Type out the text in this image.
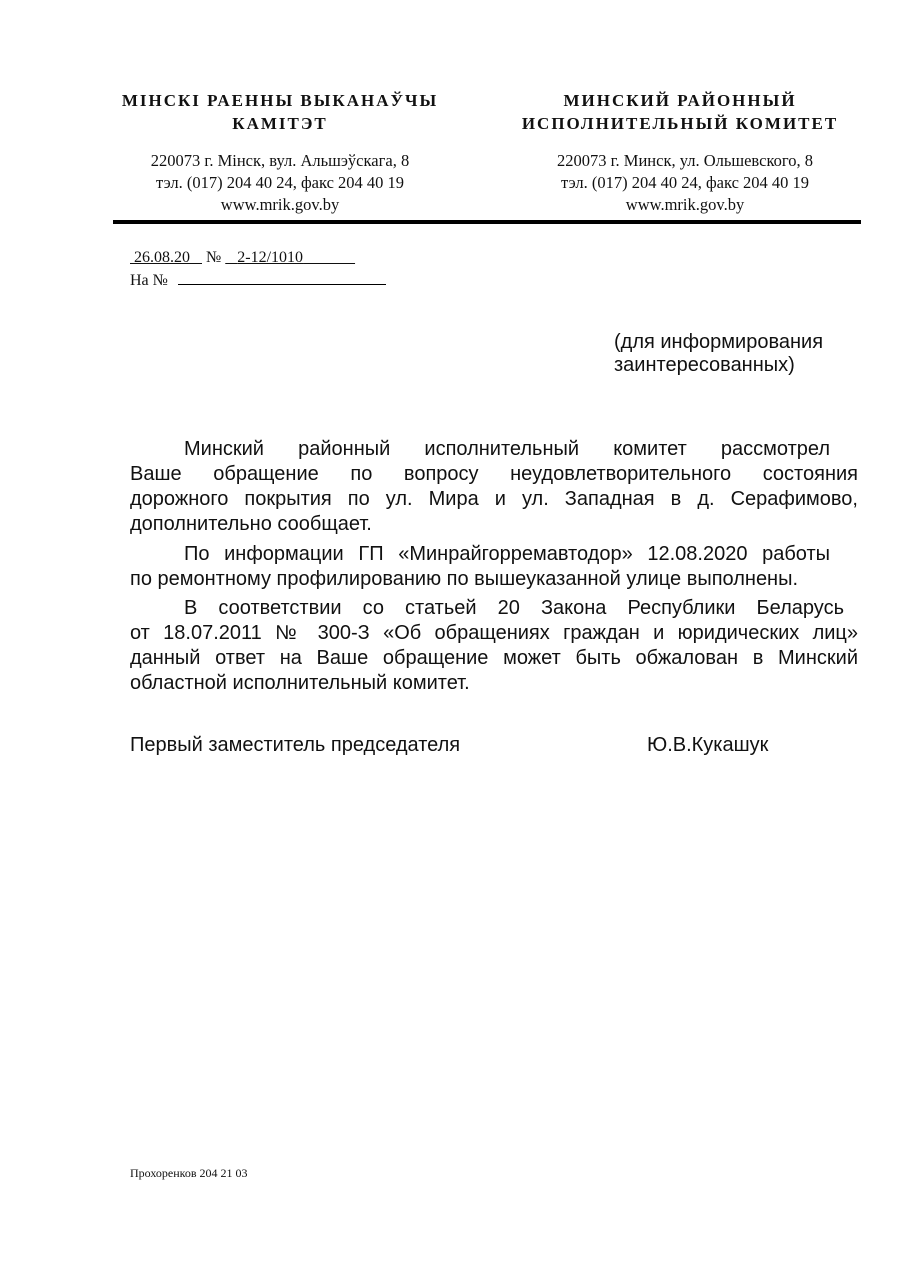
МІНСКІ РАЕННЫ ВЫКАНАЎЧЫ
КАМІТЭТ
МИНСКИЙ РАЙОННЫЙ
ИСПОЛНИТЕЛЬНЫЙ КОМИТЕТ
220073 г. Мінск, вул. Альшэўскага, 8
тэл. (017) 204 40 24, факс 204 40 19
www.mrik.gov.by
220073 г. Минск, ул. Ольшевского, 8
тэл. (017) 204 40 24, факс 204 40 19
www.mrik.gov.by
26.08.20 № 2-12/1010
На №
(для информирования
заинтересованных)
Минский районный исполнительный комитет рассмотрел
Ваше обращение по вопросу неудовлетворительного состояния
дорожного покрытия по ул. Мира и ул. Западная в д. Серафимово,
дополнительно сообщает.
По информации ГП «Минрайгорремавтодор» 12.08.2020 работы
по ремонтному профилированию по вышеуказанной улице выполнены.
В соответствии со статьей 20 Закона Республики Беларусь
от 18.07.2011 № 300-З «Об обращениях граждан и юридических лиц»
данный ответ на Ваше обращение может быть обжалован в Минский
областной исполнительный комитет.
Первый заместитель председателя	Ю.В.Кукашук
Прохоренков 204 21 03
